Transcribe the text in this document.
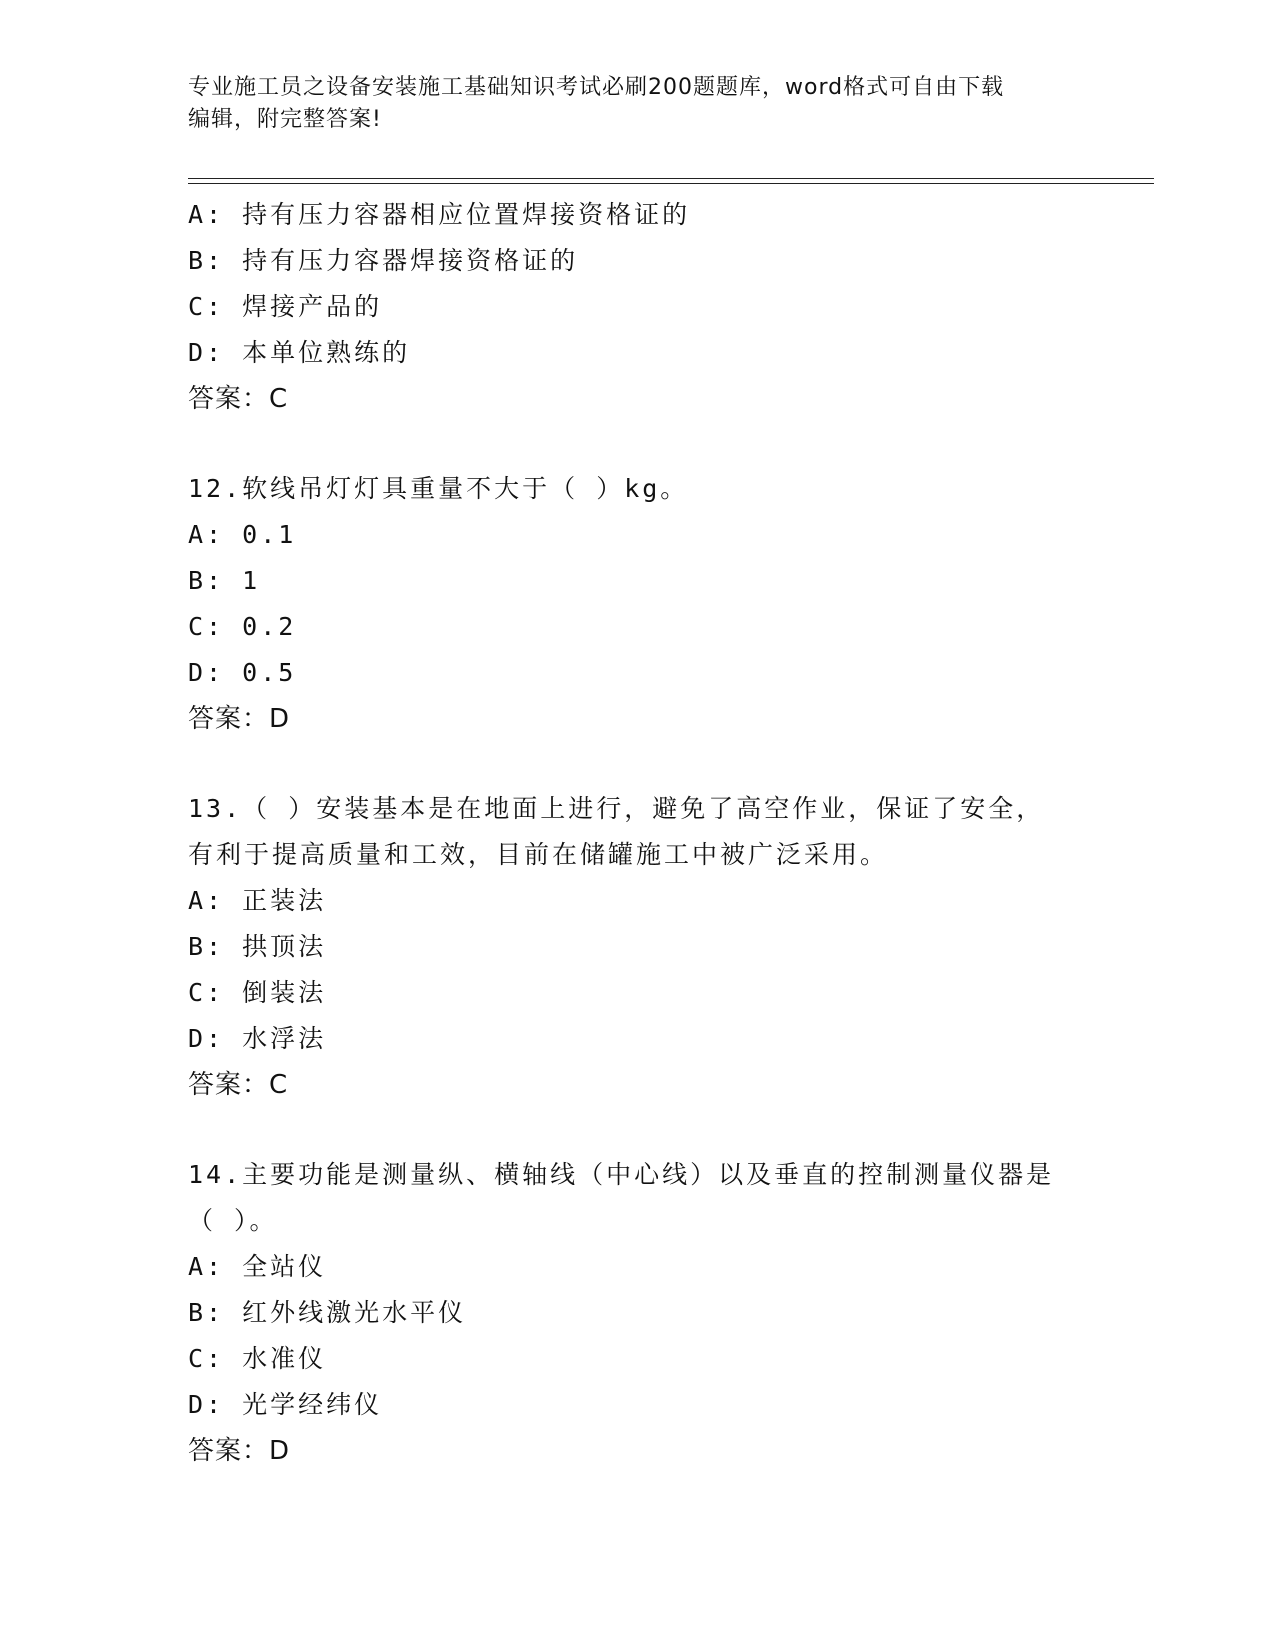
专业施工员之设备安装施工基础知识考试必刷200题题库，word格式可自由下载
编辑，附完整答案!
A: 持有压力容器相应位置焊接资格证的
B: 持有压力容器焊接资格证的
C: 焊接产品的
D: 本单位熟练的
答案：C
12.软线吊灯灯具重量不大于（ ）kg。
A: 0.1
B: 1
C: 0.2
D: 0.5
答案：D
13.（ ）安装基本是在地面上进行，避免了高空作业，保证了安全，
有利于提高质量和工效，目前在储罐施工中被广泛采用。
A: 正装法
B: 拱顶法
C: 倒装法
D: 水浮法
答案：C
14.主要功能是测量纵、横轴线（中心线）以及垂直的控制测量仪器是
（ ）。
A: 全站仪
B: 红外线激光水平仪
C: 水准仪
D: 光学经纬仪
答案：D
